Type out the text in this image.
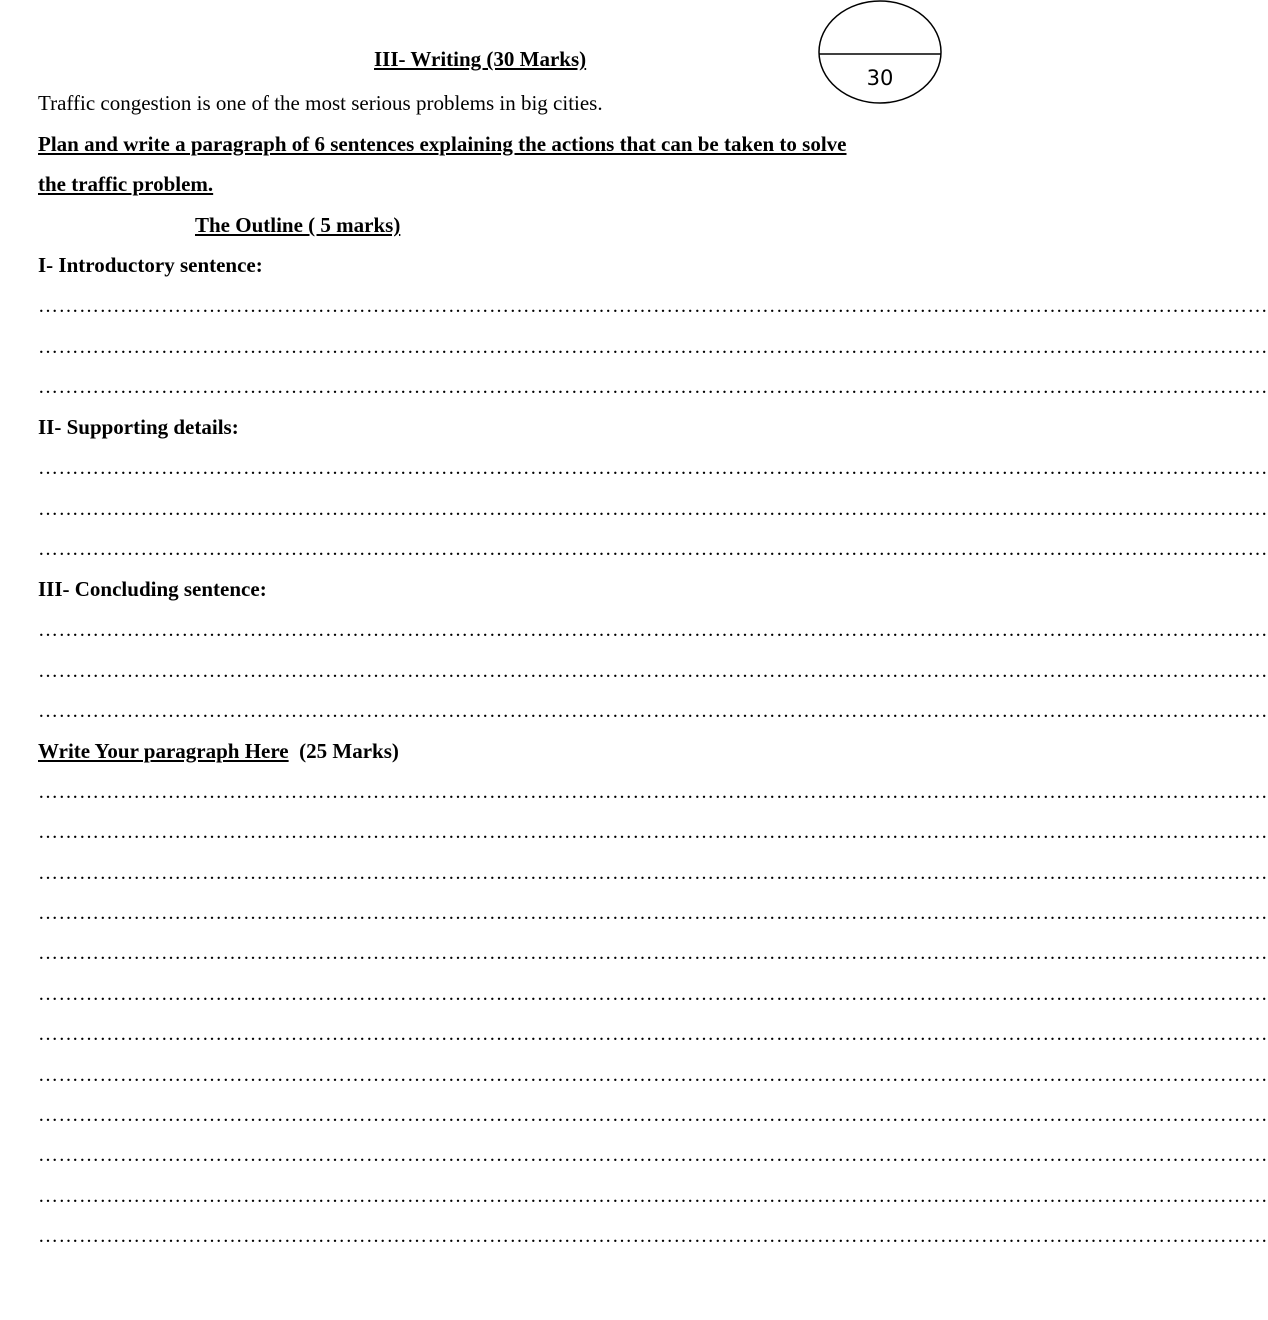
30
III- Writing (30 Marks)
Traffic congestion is one of the most serious problems in big cities.
Plan and write a paragraph of 6 sentences explaining the actions that can be taken to solve
the traffic problem.
The Outline ( 5 marks)
I- Introductory sentence:
………………………………………………………………………………………………………………………………………………………………
………………………………………………………………………………………………………………………………………………………………
………………………………………………………………………………………………………………………………………………………………
II- Supporting details:
………………………………………………………………………………………………………………………………………………………………
………………………………………………………………………………………………………………………………………………………………
………………………………………………………………………………………………………………………………………………………………
III- Concluding sentence:
………………………………………………………………………………………………………………………………………………………………
………………………………………………………………………………………………………………………………………………………………
………………………………………………………………………………………………………………………………………………………………
Write Your paragraph Here (25 Marks)
………………………………………………………………………………………………………………………………………………………………
………………………………………………………………………………………………………………………………………………………………
………………………………………………………………………………………………………………………………………………………………
………………………………………………………………………………………………………………………………………………………………
………………………………………………………………………………………………………………………………………………………………
………………………………………………………………………………………………………………………………………………………………
………………………………………………………………………………………………………………………………………………………………
………………………………………………………………………………………………………………………………………………………………
………………………………………………………………………………………………………………………………………………………………
………………………………………………………………………………………………………………………………………………………………
………………………………………………………………………………………………………………………………………………………………
………………………………………………………………………………………………………………………………………………………………
